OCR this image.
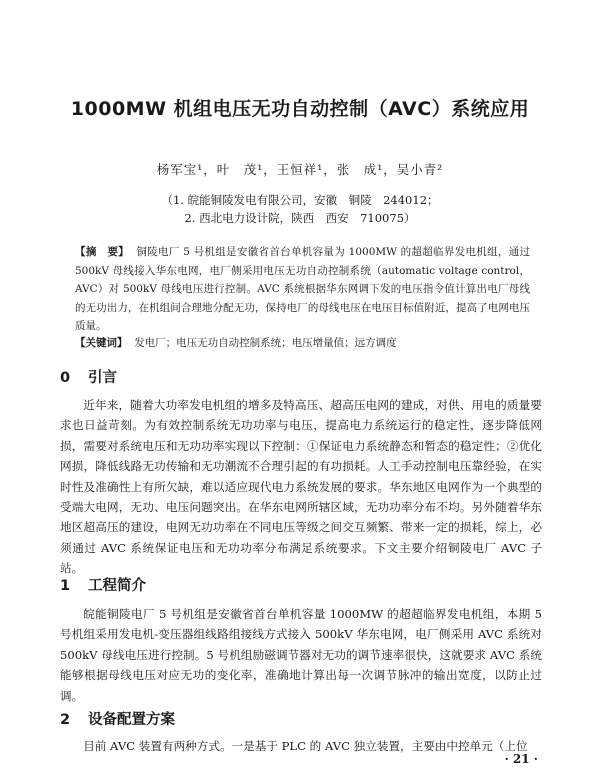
1000MW 机组电压无功自动控制（AVC）系统应用
杨军宝¹，叶　茂¹，王恒祥¹，张　成¹，吴小青²
（1. 皖能铜陵发电有限公司，安徽　铜陵　244012；
2. 西北电力设计院，陕西　西安　710075）

【摘　要】 铜陵电厂 5 号机组是安徽省首台单机容量为 1000MW 的超超临界发电机组，通过 500kV 母线接入华东电网，电厂侧采用电压无功自动控制系统（automatic voltage control，AVC）对 500kV 母线电压进行控制。AVC 系统根据华东网调下发的电压指令值计算出电厂母线的无功出力，在机组间合理地分配无功，保持电厂的母线电压在电压目标值附近，提高了电网电压质量。

【关键词】 发电厂；电压无功自动控制系统；电压增量值；远方调度

0 引言

近年来，随着大功率发电机组的增多及特高压、超高压电网的建成，对供、用电的质量要求也日益苛刻。为有效控制系统无功功率与电压，提高电力系统运行的稳定性，逐步降低网损，需要对系统电压和无功功率实现以下控制：①保证电力系统静态和暂态的稳定性；②优化网损，降低线路无功传输和无功潮流不合理引起的有功损耗。人工手动控制电压靠经验，在实时性及准确性上有所欠缺，难以适应现代电力系统发展的要求。华东地区电网作为一个典型的受端大电网，无功、电压问题突出。在华东电网所辖区域，无功功率分布不均。另外随着华东地区超高压的建设，电网无功功率在不同电压等级之间交互频繁、带来一定的损耗，综上，必须通过 AVC 系统保证电压和无功功率分布满足系统要求。下文主要介绍铜陵电厂 AVC 子站。

1 工程简介

皖能铜陵电厂 5 号机组是安徽省首台单机容量 1000MW 的超超临界发电机组，本期 5 号机组采用发电机-变压器组线路组接线方式接入 500kV 华东电网，电厂侧采用 AVC 系统对 500kV 母线电压进行控制。5 号机组励磁调节器对无功的调节速率很快，这就要求 AVC 系统能够根据母线电压对应无功的变化率，准确地计算出每一次调节脉冲的输出宽度，以防止过调。

2 设备配置方案

目前 AVC 装置有两种方式。一是基于 PLC 的 AVC 独立装置，主要由中控单元（上位

· 21 ·
